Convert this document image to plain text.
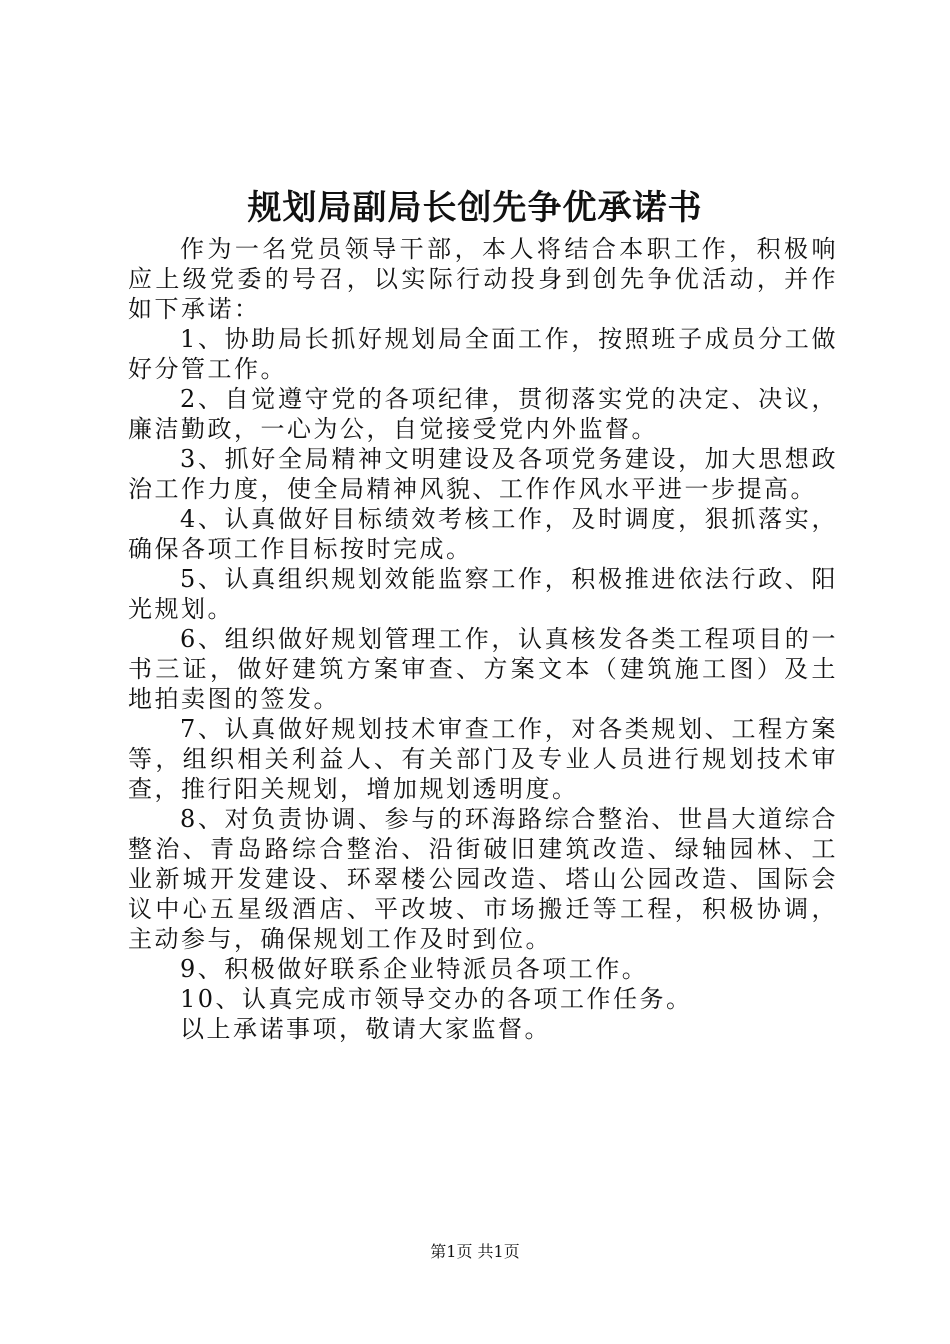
规划局副局长创先争优承诺书

作为一名党员领导干部，本人将结合本职工作，积极响应上级党委的号召，以实际行动投身到创先争优活动，并作如下承诺：

1、协助局长抓好规划局全面工作，按照班子成员分工做好分管工作。

2、自觉遵守党的各项纪律，贯彻落实党的决定、决议，廉洁勤政，一心为公，自觉接受党内外监督。

3、抓好全局精神文明建设及各项党务建设，加大思想政治工作力度，使全局精神风貌、工作作风水平进一步提高。

4、认真做好目标绩效考核工作，及时调度，狠抓落实，确保各项工作目标按时完成。

5、认真组织规划效能监察工作，积极推进依法行政、阳光规划。

6、组织做好规划管理工作，认真核发各类工程项目的一书三证，做好建筑方案审查、方案文本（建筑施工图）及土地拍卖图的签发。

7、认真做好规划技术审查工作，对各类规划、工程方案等，组织相关利益人、有关部门及专业人员进行规划技术审查，推行阳关规划，增加规划透明度。

8、对负责协调、参与的环海路综合整治、世昌大道综合整治、青岛路综合整治、沿街破旧建筑改造、绿轴园林、工业新城开发建设、环翠楼公园改造、塔山公园改造、国际会议中心五星级酒店、平改坡、市场搬迁等工程，积极协调，主动参与，确保规划工作及时到位。

9、积极做好联系企业特派员各项工作。

10、认真完成市领导交办的各项工作任务。

以上承诺事项，敬请大家监督。

第1页 共1页
